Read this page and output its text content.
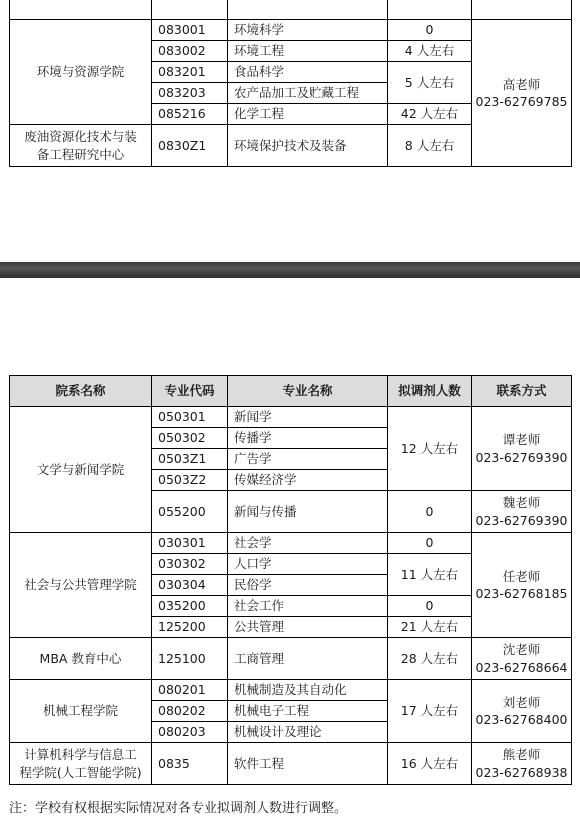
环境与资源学院	083001	环境科学	0	高老师
023-62769785

	083002	环境工程	4 人左右	
	083201	食品科学	5 人左右	
	083203	农产品加工及贮藏工程		
	085216	化学工程	42 人左右	

废油资源化技术与装
备工程研究中心	0830Z1	环境保护技术及装备	8 人左右	
院系名称	专业代码	专业名称	拟调剂人数	联系方式
文学与新闻学院	050301	新闻学	12 人左右	谭老师
023-62769390

	050302	传播学		
	0503Z1	广告学		
	0503Z2	传媒经济学		
	055200	新闻与传播	0	魏老师
023-62769390

社会与公共管理学院	030301	社会学	0	任老师
023-62768185

	030302	人口学	11 人左右	
	030304	民俗学		
	035200	社会工作	0	
	125200	公共管理	21 人左右	
MBA 教育中心	125100	工商管理	28 人左右	沈老师
023-62768664

机械工程学院	080201	机械制造及其自动化	17 人左右	刘老师
023-62768400

	080202	机械电子工程		
	080203	机械设计及理论		

计算机科学与信息工
程学院(人工智能学院)	0835	软件工程	16 人左右	熊老师
023-62768938
注：学校有权根据实际情况对各专业拟调剂人数进行调整。
